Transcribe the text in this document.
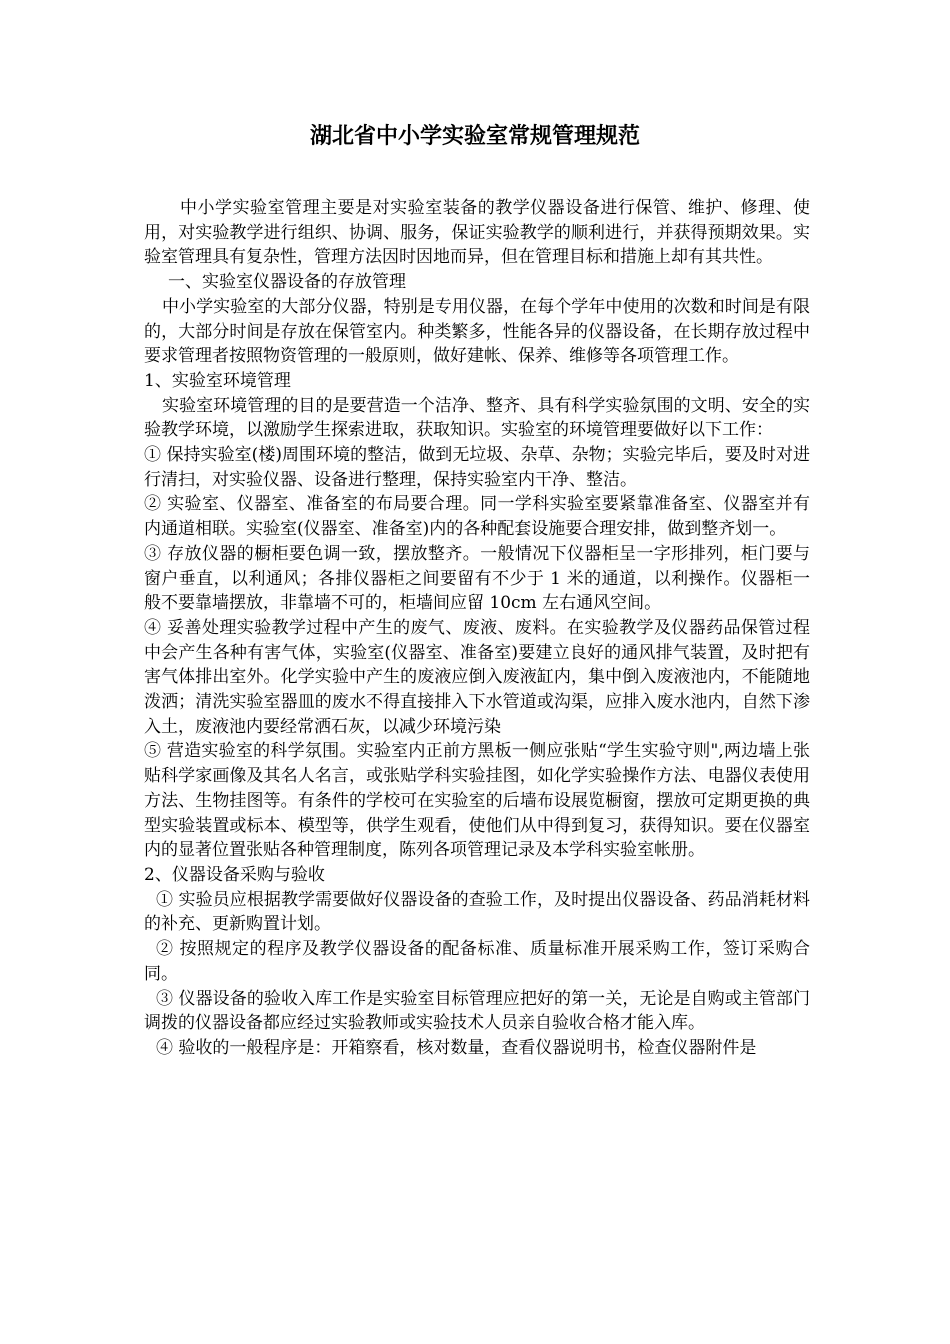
湖北省中小学实验室常规管理规范

中小学实验室管理主要是对实验室装备的教学仪器设备进行保管、维护、修理、使用，对实验教学进行组织、协调、服务，保证实验教学的顺利进行，并获得预期效果。实验室管理具有复杂性，管理方法因时因地而异，但在管理目标和措施上却有其共性。

一、实验室仪器设备的存放管理

中小学实验室的大部分仪器，特别是专用仪器，在每个学年中使用的次数和时间是有限的，大部分时间是存放在保管室内。种类繁多，性能各异的仪器设备，在长期存放过程中要求管理者按照物资管理的一般原则，做好建帐、保养、维修等各项管理工作。

1、实验室环境管理

实验室环境管理的目的是要营造一个洁净、整齐、具有科学实验氛围的文明、安全的实验教学环境，以激励学生探索进取，获取知识。实验室的环境管理要做好以下工作：

① 保持实验室(楼)周围环境的整洁，做到无垃圾、杂草、杂物；实验完毕后，要及时对进行清扫，对实验仪器、设备进行整理，保持实验室内干净、整洁。

② 实验室、仪器室、准备室的布局要合理。同一学科实验室要紧靠准备室、仪器室并有内通道相联。实验室(仪器室、准备室)内的各种配套设施要合理安排，做到整齐划一。

③ 存放仪器的橱柜要色调一致，摆放整齐。一般情况下仪器柜呈一字形排列，柜门要与窗户垂直，以利通风；各排仪器柜之间要留有不少于 1 米的通道，以利操作。仪器柜一般不要靠墙摆放，非靠墙不可的，柜墙间应留 10cm 左右通风空间。

④ 妥善处理实验教学过程中产生的废气、废液、废料。在实验教学及仪器药品保管过程中会产生各种有害气体，实验室(仪器室、准备室)要建立良好的通风排气装置，及时把有害气体排出室外。化学实验中产生的废液应倒入废液缸内，集中倒入废液池内，不能随地泼洒；清洗实验室器皿的废水不得直接排入下水管道或沟渠，应排入废水池内，自然下渗入土，废液池内要经常洒石灰，以减少环境污染

⑤ 营造实验室的科学氛围。实验室内正前方黑板一侧应张贴“学生实验守则",两边墙上张贴科学家画像及其名人名言，或张贴学科实验挂图，如化学实验操作方法、电器仪表使用方法、生物挂图等。有条件的学校可在实验室的后墙布设展览橱窗，摆放可定期更换的典型实验装置或标本、模型等，供学生观看，使他们从中得到复习，获得知识。要在仪器室内的显著位置张贴各种管理制度，陈列各项管理记录及本学科实验室帐册。

2、仪器设备采购与验收

① 实验员应根据教学需要做好仪器设备的查验工作，及时提出仪器设备、药品消耗材料的补充、更新购置计划。

② 按照规定的程序及教学仪器设备的配备标准、质量标准开展采购工作，签订采购合同。

③ 仪器设备的验收入库工作是实验室目标管理应把好的第一关，无论是自购或主管部门调拨的仪器设备都应经过实验教师或实验技术人员亲自验收合格才能入库。

④ 验收的一般程序是：开箱察看，核对数量，查看仪器说明书，检查仪器附件是
